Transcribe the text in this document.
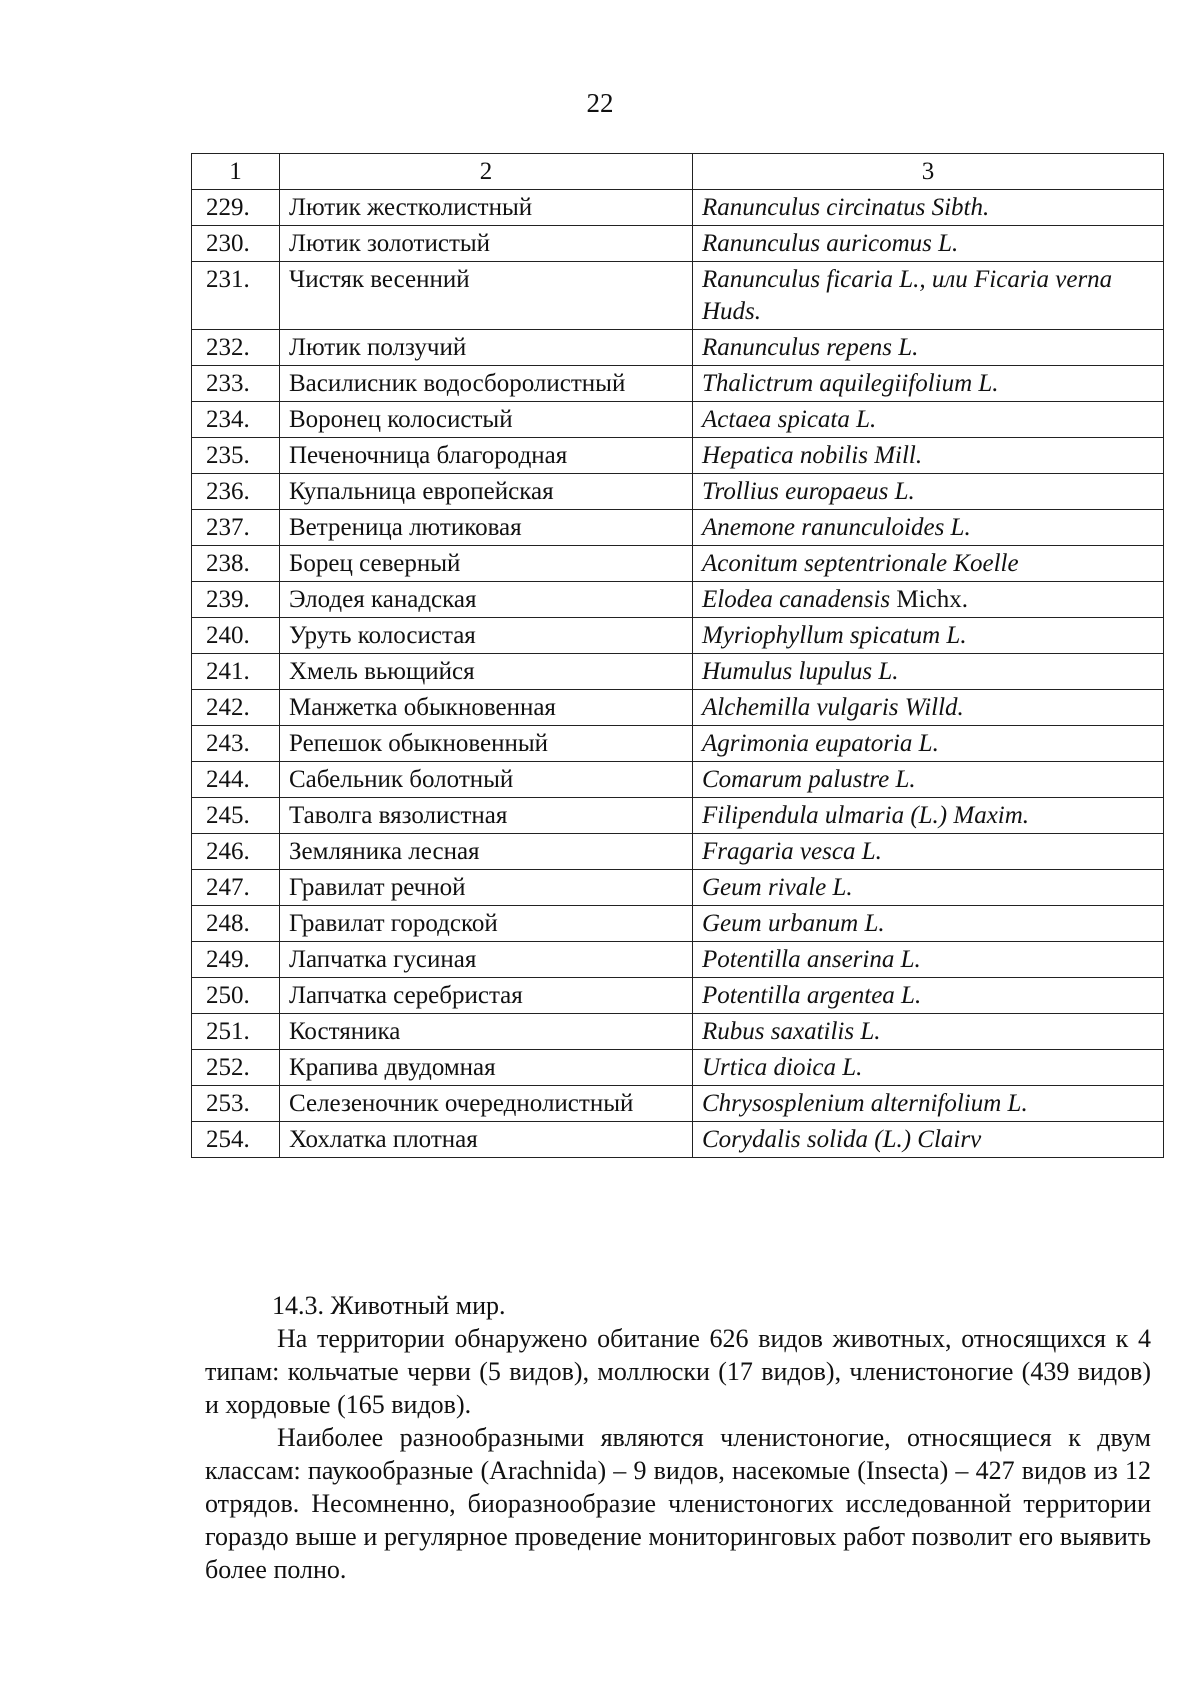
22
1	2	3
229.	Лютик жестколистный	Ranunculus circinatus Sibth.
230.	Лютик золотистый	Ranunculus auricomus L.
231.	Чистяк весенний	Ranunculus ficaria L., или Ficaria verna Huds.
232.	Лютик ползучий	Ranunculus repens L.
233.	Василисник водосборолистный	Thalictrum aquilegiifolium L.
234.	Воронец колосистый	Actaea spicata L.
235.	Печеночница благородная	Hepatica nobilis Mill.
236.	Купальница европейская	Trollius europaeus L.
237.	Ветреница лютиковая	Anemone ranunculoides L.
238.	Борец северный	Aconitum septentrionale Koelle
239.	Элодея канадская	Elodea canadensis Michx.
240.	Уруть колосистая	Myriophyllum spicatum L.
241.	Хмель вьющийся	Humulus lupulus L.
242.	Манжетка обыкновенная	Alchemilla vulgaris Willd.
243.	Репешок обыкновенный	Agrimonia eupatoria L.
244.	Сабельник болотный	Comarum palustre L.
245.	Таволга вязолистная	Filipendula ulmaria (L.) Maxim.
246.	Земляника лесная	Fragaria vesca L.
247.	Гравилат речной	Geum rivale L.
248.	Гравилат городской	Geum urbanum L.
249.	Лапчатка гусиная	Potentilla anserina L.
250.	Лапчатка серебристая	Potentilla argentea L.
251.	Костяника	Rubus saxatilis L.
252.	Крапива двудомная	Urtica dioica L.
253.	Селезеночник очереднолистный	Chrysosplenium alternifolium L.
254.	Хохлатка плотная	Corydalis solida (L.) Clairv

14.3. Животный мир.

На территории обнаружено обитание 626 видов животных, относящихся к 4 типам: кольчатые черви (5 видов), моллюски (17 видов), членистоногие (439 видов) и хордовые (165 видов).

Наиболее разнообразными являются членистоногие, относящиеся к двум классам: паукообразные (Arachnida) – 9 видов, насекомые (Insecta) – 427 видов из 12 отрядов. Несомненно, биоразнообразие членистоногих исследованной территории гораздо выше и регулярное проведение мониторинговых работ позволит его выявить более полно.
